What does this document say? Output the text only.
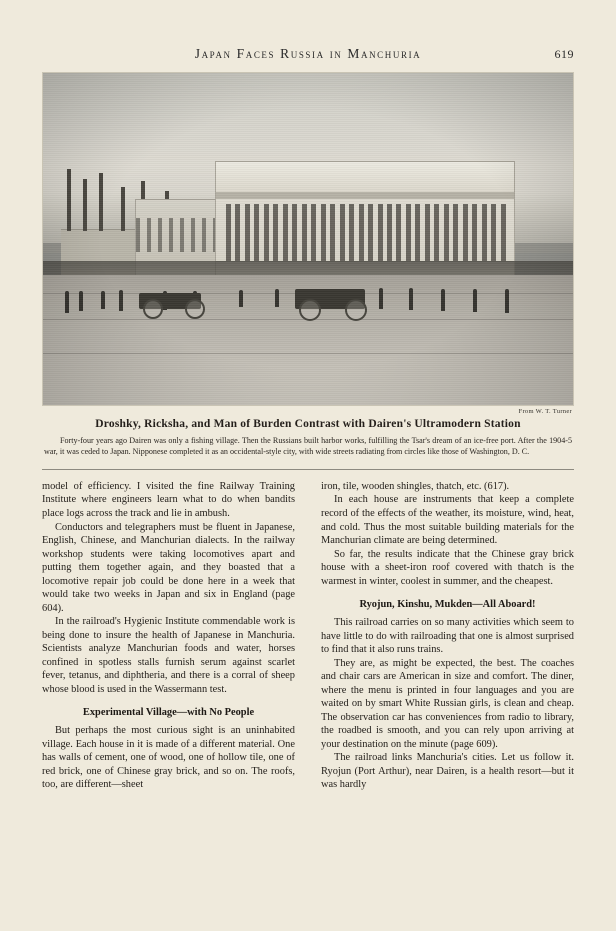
Japan Faces Russia in Manchuria	619
From W. T. Turner
Droshky, Ricksha, and Man of Burden Contrast with Dairen's Ultramodern Station
Forty-four years ago Dairen was only a fishing village. Then the Russians built harbor works, fulfilling the Tsar's dream of an ice-free port. After the 1904-5 war, it was ceded to Japan. Nipponese completed it as an occidental-style city, with wide streets radiating from circles like those of Washington, D. C.

model of efficiency. I visited the fine Railway Training Institute where engineers learn what to do when bandits place logs across the track and lie in ambush.

Conductors and telegraphers must be fluent in Japanese, English, Chinese, and Manchurian dialects. In the railway workshop students were taking locomotives apart and putting them together again, and they boasted that a locomotive repair job could be done here in a week that would take two weeks in Japan and six in England (page 604).

In the railroad's Hygienic Institute commendable work is being done to insure the health of Japanese in Manchuria. Scientists analyze Manchurian foods and water, horses confined in spotless stalls furnish serum against scarlet fever, tetanus, and diphtheria, and there is a corral of sheep whose blood is used in the Wassermann test.

Experimental Village—with No People

But perhaps the most curious sight is an uninhabited village. Each house in it is made of a different material. One has walls of cement, one of wood, one of hollow tile, one of red brick, one of Chinese gray brick, and so on. The roofs, too, are different—sheet

iron, tile, wooden shingles, thatch, etc. (617).

In each house are instruments that keep a complete record of the effects of the weather, its moisture, wind, heat, and cold. Thus the most suitable building materials for the Manchurian climate are being determined.

So far, the results indicate that the Chinese gray brick house with a sheet-iron roof covered with thatch is the warmest in winter, coolest in summer, and the cheapest.

Ryojun, Kinshu, Mukden—All Aboard!

This railroad carries on so many activities which seem to have little to do with railroading that one is almost surprised to find that it also runs trains.

They are, as might be expected, the best. The coaches and chair cars are American in size and comfort. The diner, where the menu is printed in four languages and you are waited on by smart White Russian girls, is clean and cheap. The observation car has conveniences from radio to library, the roadbed is smooth, and you can rely upon arriving at your destination on the minute (page 609).

The railroad links Manchuria's cities. Let us follow it. Ryojun (Port Arthur), near Dairen, is a health resort—but it was hardly
